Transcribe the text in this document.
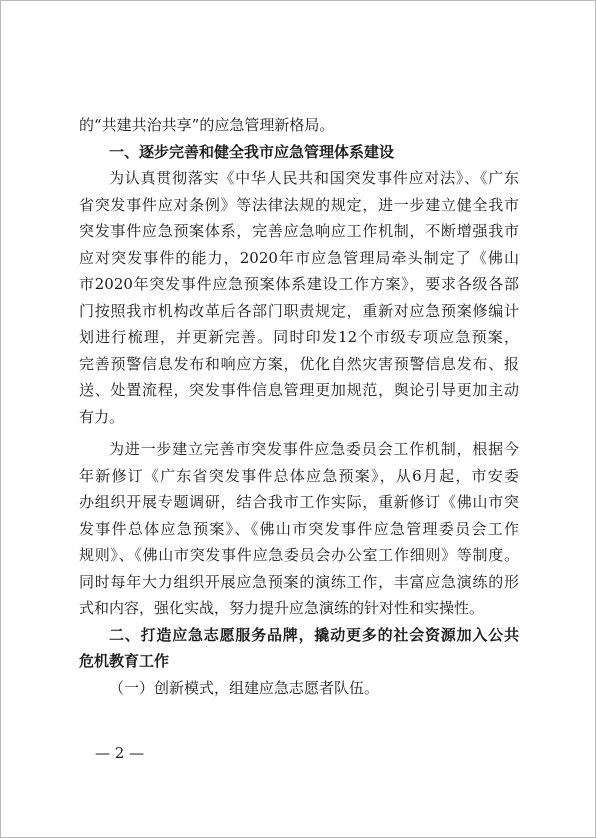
的“共建共治共享”的应急管理新格局。
一、逐步完善和健全我市应急管理体系建设
为认真贯彻落实《中华人民共和国突发事件应对法》、《广东
省突发事件应对条例》等法律法规的规定，进一步建立健全我市
突发事件应急预案体系，完善应急响应工作机制，不断增强我市
应对突发事件的能力，2020年市应急管理局牵头制定了《佛山
市2020年突发事件应急预案体系建设工作方案》，要求各级各部
门按照我市机构改革后各部门职责规定，重新对应急预案修编计
划进行梳理，并更新完善。同时印发12个市级专项应急预案，
完善预警信息发布和响应方案，优化自然灾害预警信息发布、报
送、处置流程，突发事件信息管理更加规范，舆论引导更加主动
有力。
为进一步建立完善市突发事件应急委员会工作机制，根据今
年新修订《广东省突发事件总体应急预案》，从6月起，市安委
办组织开展专题调研，结合我市工作实际，重新修订《佛山市突
发事件总体应急预案》、《佛山市突发事件应急管理委员会工作
规则》、《佛山市突发事件应急委员会办公室工作细则》等制度。
同时每年大力组织开展应急预案的演练工作，丰富应急演练的形
式和内容，强化实战，努力提升应急演练的针对性和实操性。
二、打造应急志愿服务品牌，撬动更多的社会资源加入公共
危机教育工作
（一）创新模式，组建应急志愿者队伍。
— 2 —
